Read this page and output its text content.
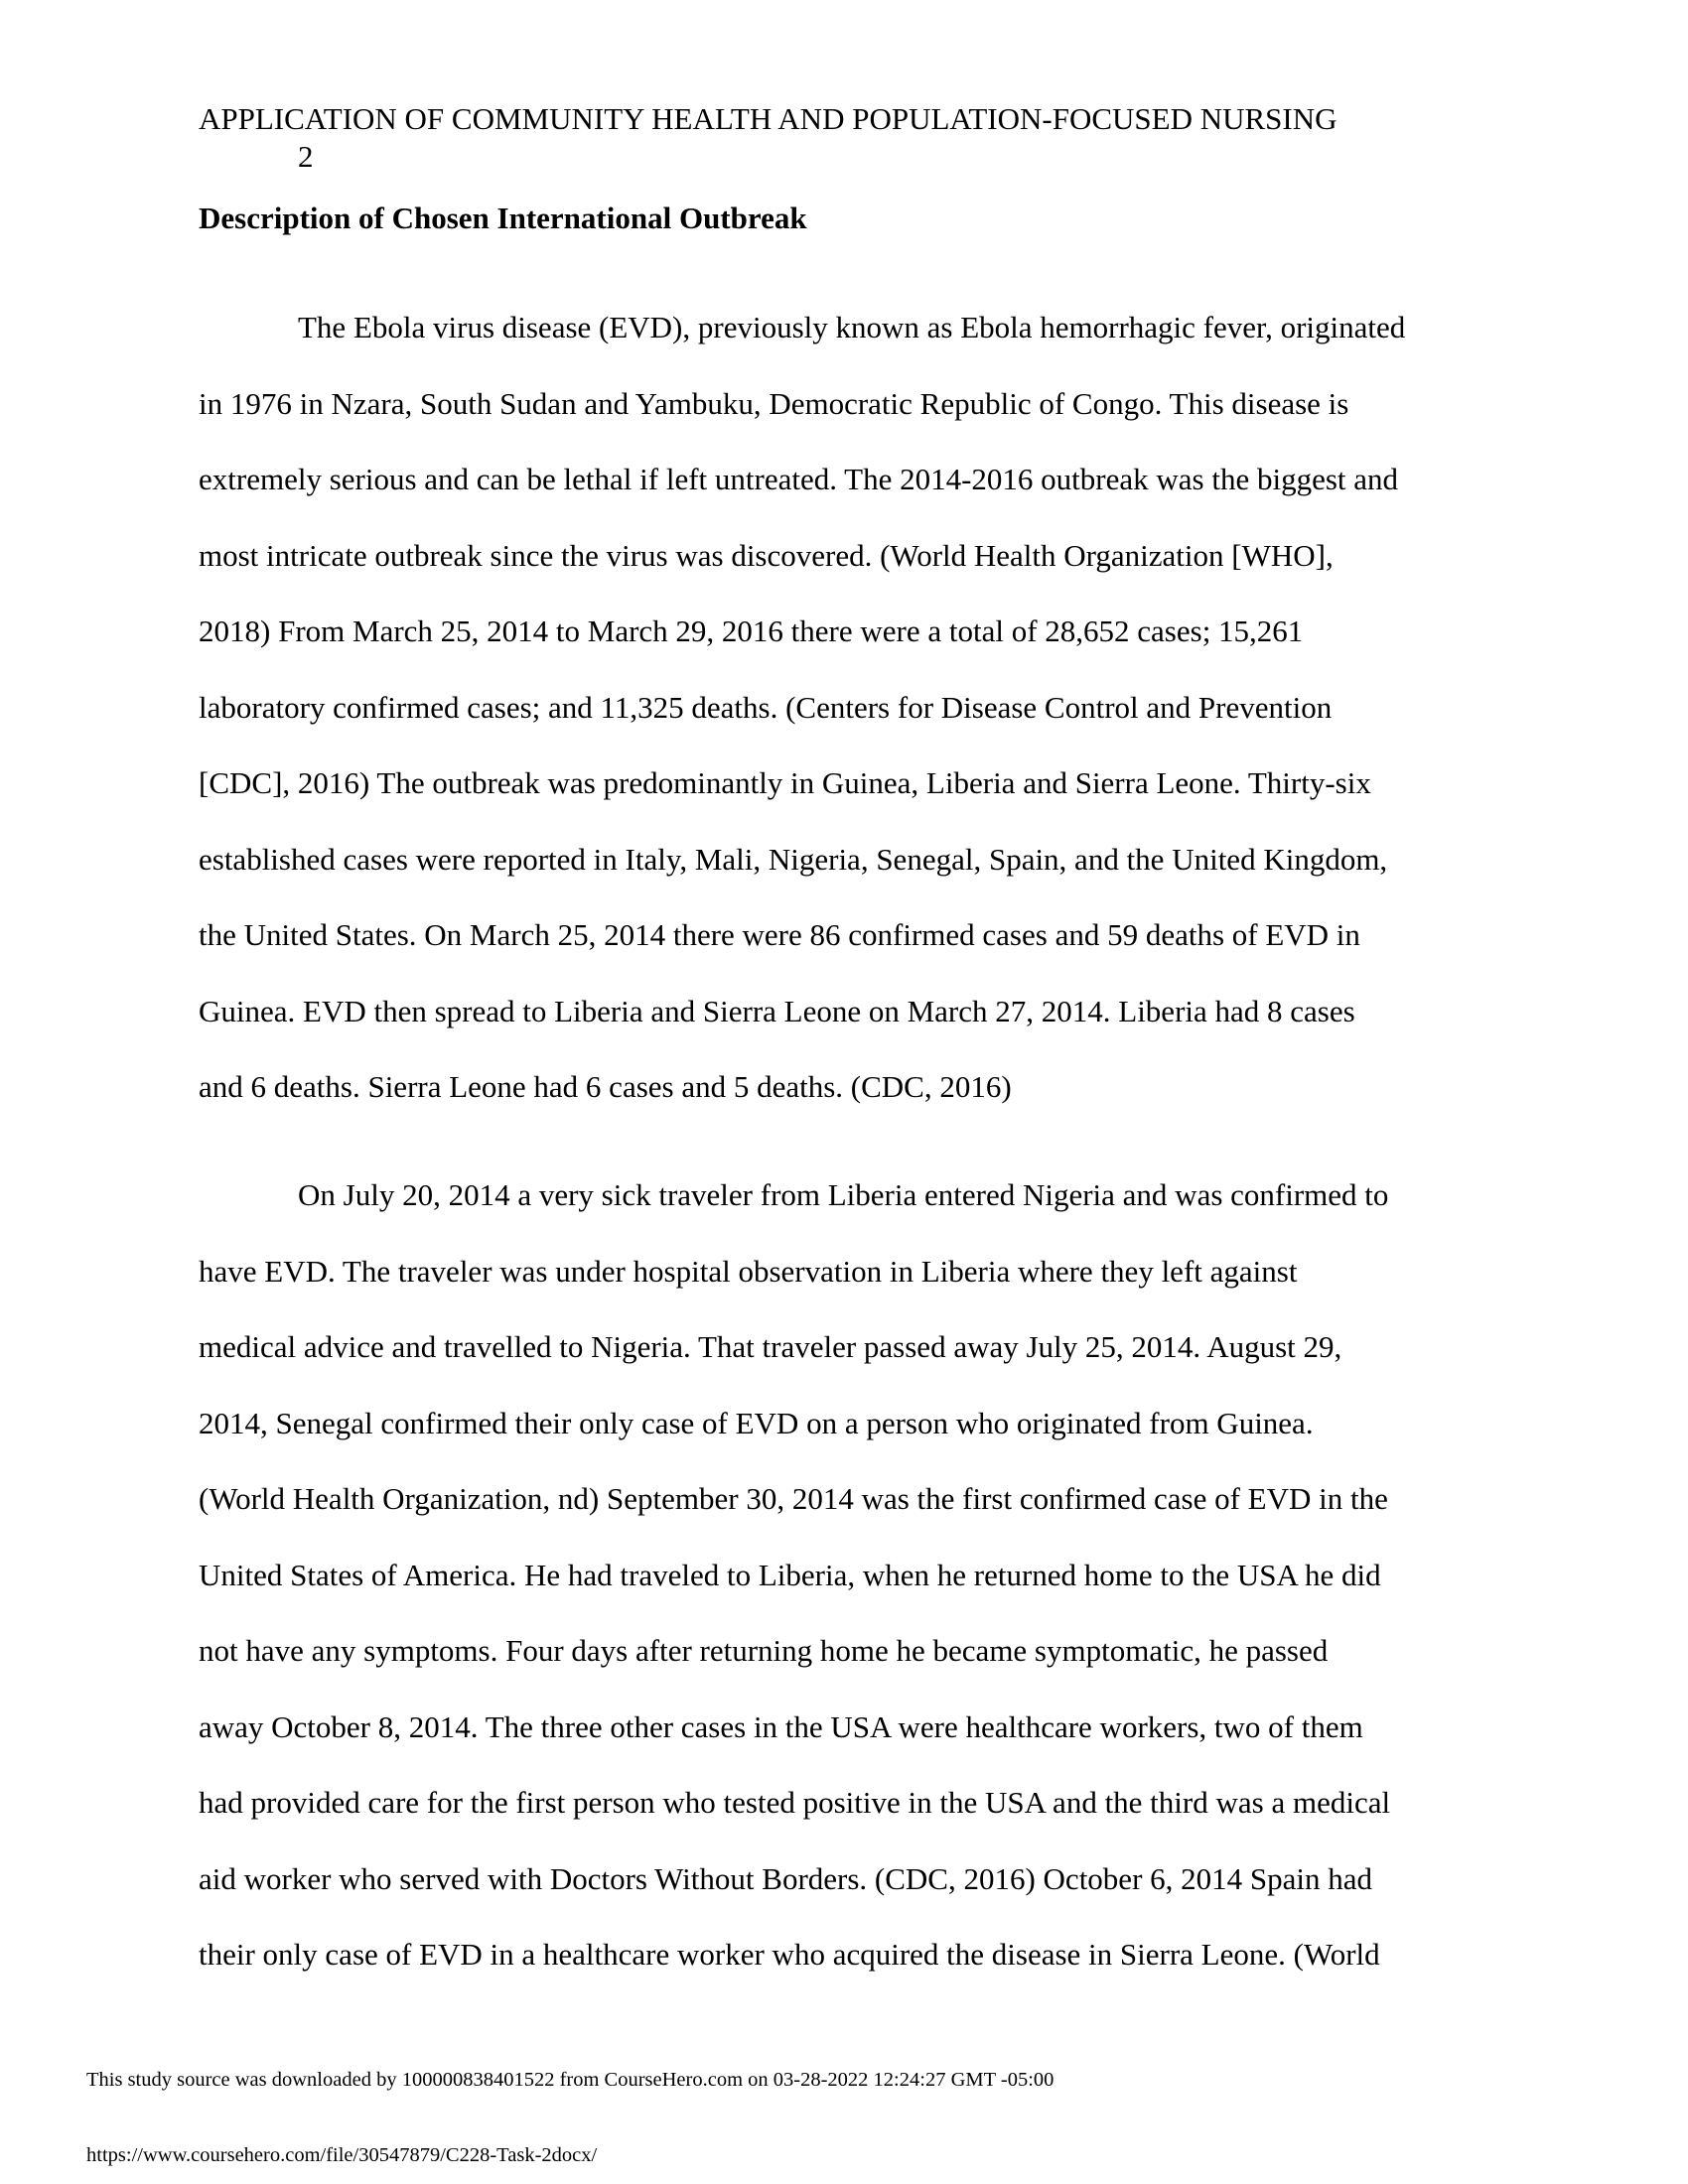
APPLICATION OF COMMUNITY HEALTH AND POPULATION-FOCUSED NURSING
2
Description of Chosen International Outbreak
The Ebola virus disease (EVD), previously known as Ebola hemorrhagic fever, originated
in 1976 in Nzara, South Sudan and Yambuku, Democratic Republic of Congo. This disease is
extremely serious and can be lethal if left untreated. The 2014-2016 outbreak was the biggest and
most intricate outbreak since the virus was discovered. (World Health Organization [WHO],
2018) From March 25, 2014 to March 29, 2016 there were a total of 28,652 cases; 15,261
laboratory confirmed cases; and 11,325 deaths. (Centers for Disease Control and Prevention
[CDC], 2016) The outbreak was predominantly in Guinea, Liberia and Sierra Leone. Thirty-six
established cases were reported in Italy, Mali, Nigeria, Senegal, Spain, and the United Kingdom,
the United States. On March 25, 2014 there were 86 confirmed cases and 59 deaths of EVD in
Guinea. EVD then spread to Liberia and Sierra Leone on March 27, 2014. Liberia had 8 cases
and 6 deaths. Sierra Leone had 6 cases and 5 deaths. (CDC, 2016)
On July 20, 2014 a very sick traveler from Liberia entered Nigeria and was confirmed to
have EVD. The traveler was under hospital observation in Liberia where they left against
medical advice and travelled to Nigeria. That traveler passed away July 25, 2014. August 29,
2014, Senegal confirmed their only case of EVD on a person who originated from Guinea.
(World Health Organization, nd) September 30, 2014 was the first confirmed case of EVD in the
United States of America. He had traveled to Liberia, when he returned home to the USA he did
not have any symptoms. Four days after returning home he became symptomatic, he passed
away October 8, 2014. The three other cases in the USA were healthcare workers, two of them
had provided care for the first person who tested positive in the USA and the third was a medical
aid worker who served with Doctors Without Borders. (CDC, 2016) October 6, 2014 Spain had
their only case of EVD in a healthcare worker who acquired the disease in Sierra Leone. (World
This study source was downloaded by 100000838401522 from CourseHero.com on 03-28-2022 12:24:27 GMT -05:00
https://www.coursehero.com/file/30547879/C228-Task-2docx/
